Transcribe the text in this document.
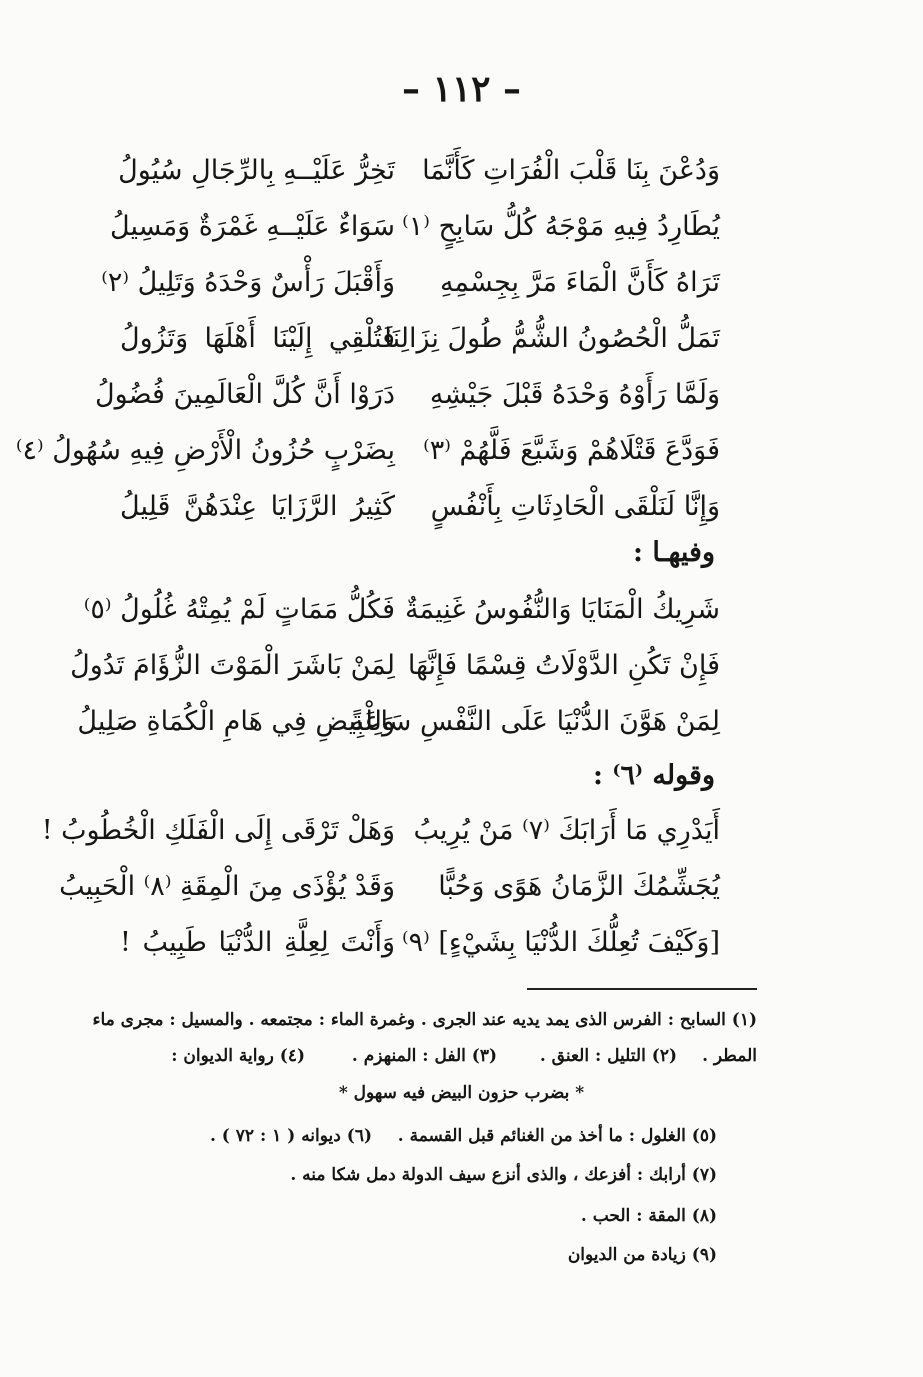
– ١١٢ –
وَدُعْنَ بِنَا قَلْبَ الْفُرَاتِ كَأَنَّمَا
تَخِرُّ عَلَيْــهِ بِالرِّجَالِ سُيُولُ
يُطَارِدُ فِيهِ مَوْجَهُ كُلُّ سَابِحٍ ⁽١⁾
سَوَاءٌ عَلَيْــهِ غَمْرَةٌ وَمَسِيلُ
تَرَاهُ كَأَنَّ الْمَاءَ مَرَّ بِجِسْمِهِ
وَأَقْبَلَ رَأْسٌ وَحْدَهُ وَتَلِيلُ ⁽٢⁾
تَمَلُّ الْحُصُونُ الشُّمُّ طُولَ نِزَالِنَا
فَتُلْقِي إِلَيْنَا أَهْلَهَا وَتَزُولُ
وَلَمَّا رَأَوْهُ وَحْدَهُ قَبْلَ جَيْشِهِ
دَرَوْا أَنَّ كُلَّ الْعَالَمِينَ فُضُولُ
فَوَدَّعَ قَتْلَاهُمْ وَشَيَّعَ فَلَّهُمْ ⁽٣⁾
بِضَرْبٍ حُزُونُ الْأَرْضِ فِيهِ سُهُولُ ⁽٤⁾
وَإِنَّا لَنَلْقَى الْحَادِثَاتِ بِأَنْفُسٍ
كَثِيرُ الرَّزَايَا عِنْدَهُنَّ قَلِيلُ
وفيهـا :
شَرِيكُ الْمَنَايَا وَالنُّفُوسُ غَنِيمَةٌ
فَكُلُّ مَمَاتٍ لَمْ يُمِتْهُ غُلُولُ ⁽٥⁾
فَإِنْ تَكُنِ الدَّوْلَاتُ قِسْمًا فَإِنَّهَا
لِمَنْ بَاشَرَ الْمَوْتَ الزُّؤَامَ تَدُولُ
لِمَنْ هَوَّنَ الدُّنْيَا عَلَى النَّفْسِ سَاعَةً
وَلِلْبِيضِ فِي هَامِ الْكُمَاةِ صَلِيلُ
وقوله ⁽٦⁾ :
أَيَدْرِي مَا أَرَابَكَ ⁽٧⁾ مَنْ يُرِيبُ
وَهَلْ تَرْقَى إِلَى الْفَلَكِ الْخُطُوبُ !
يُجَشِّمُكَ الزَّمَانُ هَوًى وَحُبًّا
وَقَدْ يُؤْذَى مِنَ الْمِقَةِ ⁽٨⁾ الْحَبِيبُ
[وَكَيْفَ تُعِلُّكَ الدُّنْيَا بِشَيْءٍ] ⁽٩⁾
وَأَنْتَ لِعِلَّةِ الدُّنْيَا طَبِيبُ !
(١) السابح : الفرس الذى يمد يديه عند الجرى . وغمرة الماء : مجتمعه . والمسيل : مجرى ماء
المطر .
(٢) التليل : العنق .
(٣) الفل : المنهزم .
(٤) رواية الديوان :
* بضرب حزون البيض فيه سهول *
(٥) الغلول : ما أخذ من الغنائم قبل القسمة .
(٦) ديوانه ( ١ : ٧٢ ) .
(٧) أرابك : أفزعك ، والذى أنزع سيف الدولة دمل شكا منه .
(٨) المقة : الحب .
(٩) زيادة من الديوان
